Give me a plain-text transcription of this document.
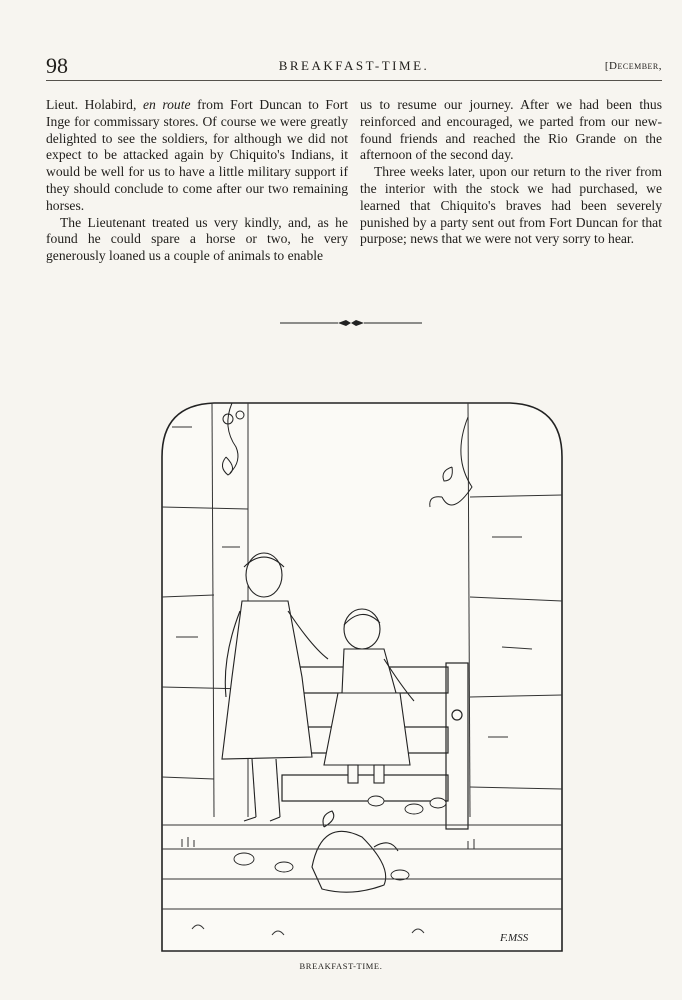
98	BREAKFAST-TIME.	[December,

Lieut. Holabird, en route from Fort Duncan to Fort Inge for commissary stores. Of course we were greatly delighted to see the soldiers, for although we did not expect to be attacked again by Chiquito's Indians, it would be well for us to have a little military support if they should conclude to come after our two remaining horses.

The Lieutenant treated us very kindly, and, as he found he could spare a horse or two, he very generously loaned us a couple of animals to enable

us to resume our journey. After we had been thus reinforced and encouraged, we parted from our new-found friends and reached the Rio Grande on the afternoon of the second day.

Three weeks later, upon our return to the river from the interior with the stock we had purchased, we learned that Chiquito's braves had been severely punished by a party sent out from Fort Duncan for that purpose; news that we were not very sorry to hear.

F.MSS
BREAKFAST-TIME.
